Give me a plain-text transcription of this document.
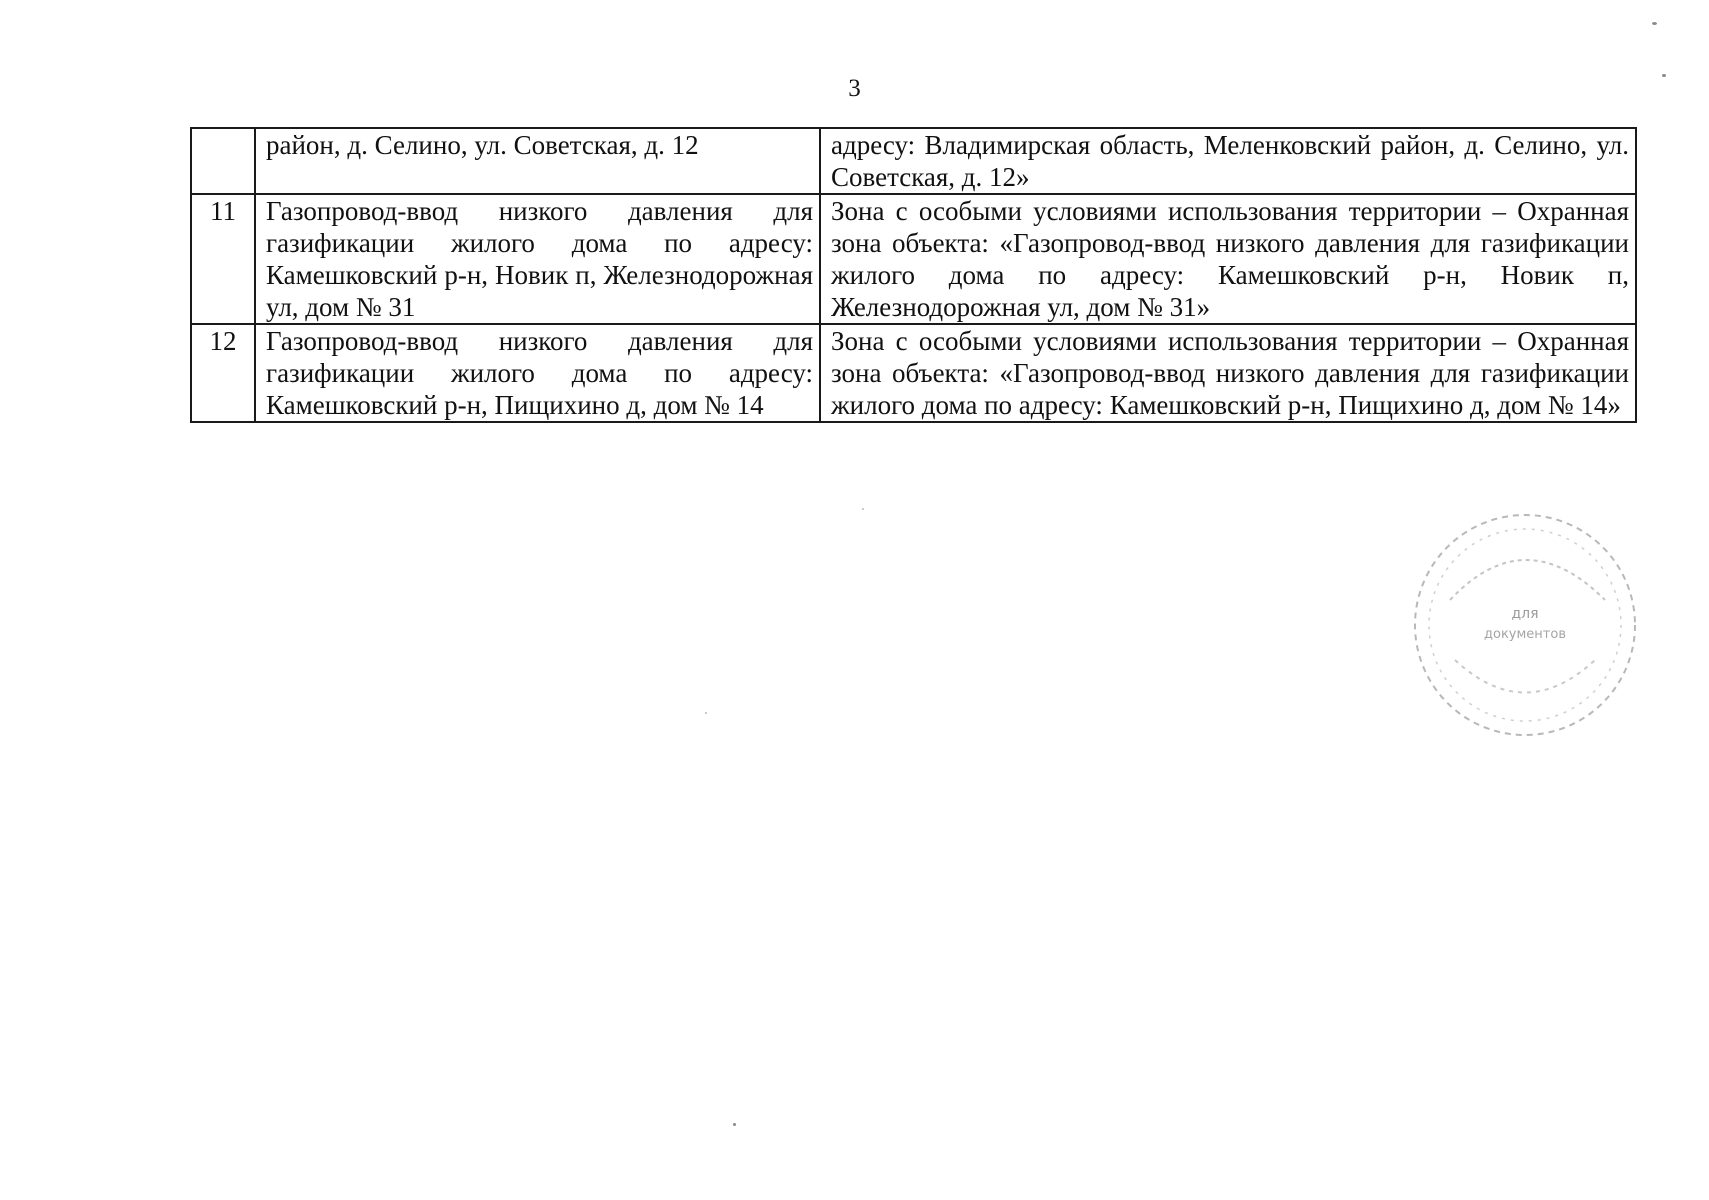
3
	район, д. Селино, ул. Советская, д. 12	адресу: Владимирская область, Меленковский район, д. Селино, ул. Советская, д. 12»
11	Газопровод-ввод низкого давления для газификации жилого дома по адресу: Камешковский р-н, Новик п, Железнодорожная ул, дом № 31	Зона с особыми условиями использования территории – Охранная зона объекта: «Газопровод-ввод низкого давления для газификации жилого дома по адресу: Камешковский р-н, Новик п, Железнодорожная ул, дом № 31»
12	Газопровод-ввод низкого давления для газификации жилого дома по адресу: Камешковский р-н, Пищихино д, дом № 14	Зона с особыми условиями использования территории – Охранная зона объекта: «Газопровод-ввод низкого давления для газификации жилого дома по адресу: Камешковский р-н, Пищихино д, дом № 14»
для
документов
